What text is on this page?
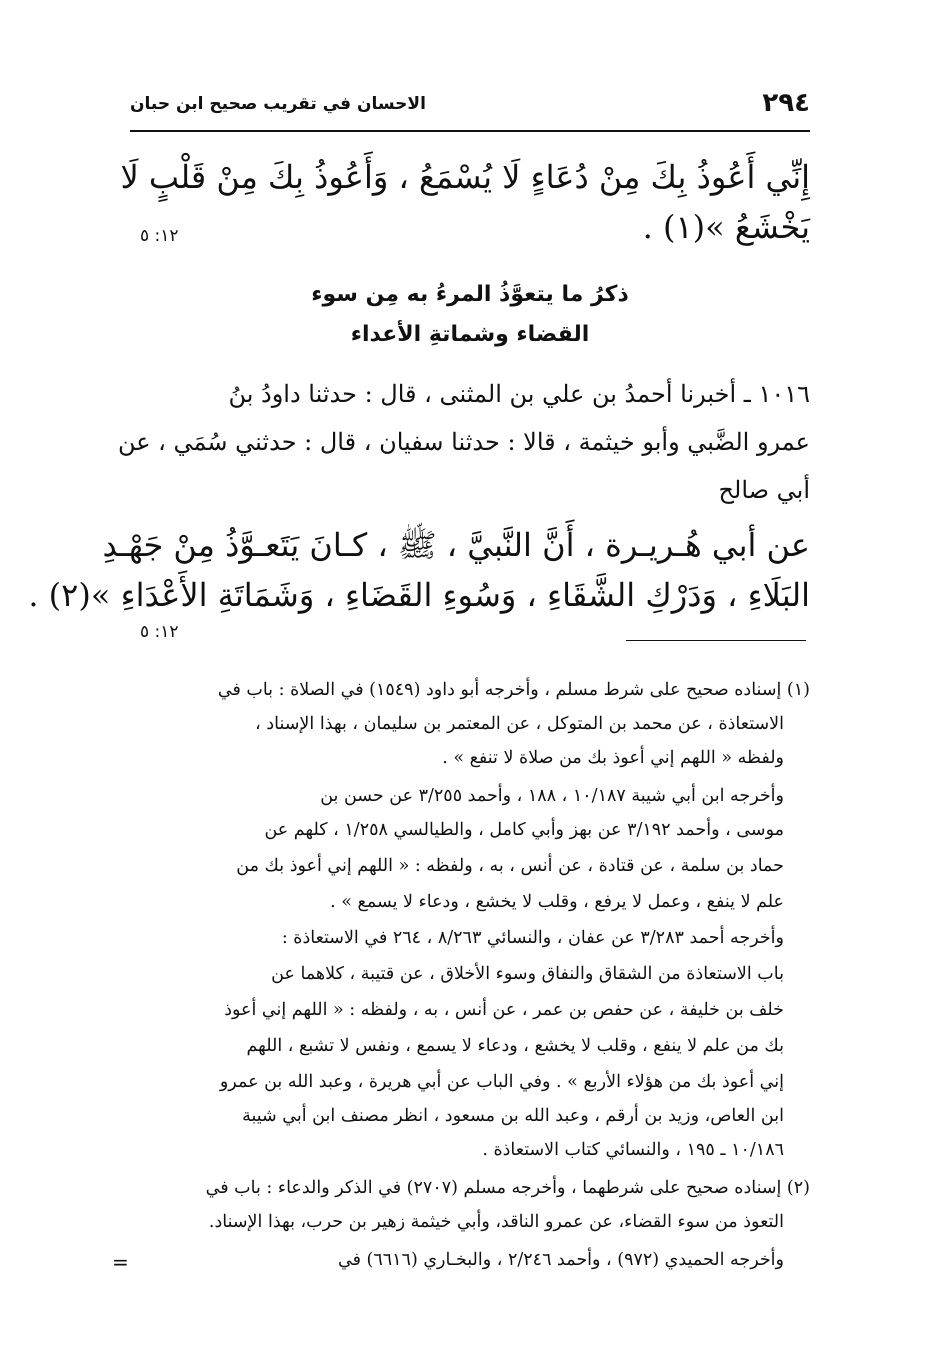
٢٩٤
الاحسان في تقريب صحيح ابن حبان
إِنِّي أَعُوذُ بِكَ مِنْ دُعَاءٍ لَا يُسْمَعُ ، وَأَعُوذُ بِكَ مِنْ قَلْبٍ لَا
يَخْشَعُ »(١) .
١٢: ٥
ذكرُ ما يتعوَّذُ المرءُ به مِن سوء
القضاء وشماتةِ الأعداء
١٠١٦ ـ أخبرنا أحمدُ بن علي بن المثنى ، قال : حدثنا داودُ بنُ
عمرو الضَّبي وأبو خيثمة ، قالا : حدثنا سفيان ، قال : حدثني سُمَي ، عن
أبي صالح
عن أبي هُـريـرة ، أَنَّ النَّبيَّ ، ﷺ ، كـانَ يَتَعـوَّذُ مِنْ جَهْـدِ
البَلَاءِ ، وَدَرْكِ الشَّقَاءِ ، وَسُوءِ القَضَاءِ ، وَشَمَاتَةِ الأَعْدَاءِ »(٢) .
١٢: ٥
(١) إسناده صحيح على شرط مسلم ، وأخرجه أبو داود (١٥٤٩) في الصلاة : باب في
الاستعاذة ، عن محمد بن المتوكل ، عن المعتمر بن سليمان ، بهذا الإسناد ،
ولفظه « اللهم إني أعوذ بك من صلاة لا تنفع » .
وأخرجه ابن أبي شيبة ١٠/١٨٧ ، ١٨٨ ، وأحمد ٣/٢٥٥ عن حسن بن
موسى ، وأحمد ٣/١٩٢ عن بهز وأبي كامل ، والطيالسي ١/٢٥٨ ، كلهم عن
حماد بن سلمة ، عن قتادة ، عن أنس ، به ، ولفظه : « اللهم إني أعوذ بك من
علم لا ينفع ، وعمل لا يرفع ، وقلب لا يخشع ، ودعاء لا يسمع » .
وأخرجه أحمد ٣/٢٨٣ عن عفان ، والنسائي ٨/٢٦٣ ، ٢٦٤ في الاستعاذة :
باب الاستعاذة من الشقاق والنفاق وسوء الأخلاق ، عن قتيبة ، كلاهما عن
خلف بن خليفة ، عن حفص بن عمر ، عن أنس ، به ، ولفظه : « اللهم إني أعوذ
بك من علم لا ينفع ، وقلب لا يخشع ، ودعاء لا يسمع ، ونفس لا تشبع ، اللهم
إني أعوذ بك من هؤلاء الأربع » . وفي الباب عن أبي هريرة ، وعبد الله بن عمرو
ابن العاص، وزيد بن أرقم ، وعبد الله بن مسعود ، انظر مصنف ابن أبي شيبة
١٠/١٨٦ ـ ١٩٥ ، والنسائي كتاب الاستعاذة .
(٢) إسناده صحيح على شرطهما ، وأخرجه مسلم (٢٧٠٧) في الذكر والدعاء : باب في
التعوذ من سوء القضاء، عن عمرو الناقد، وأبي خيثمة زهير بن حرب، بهذا الإسناد.
وأخرجه الحميدي (٩٧٢) ، وأحمد ٢/٢٤٦ ، والبخـاري (٦٦١٦) في
=
